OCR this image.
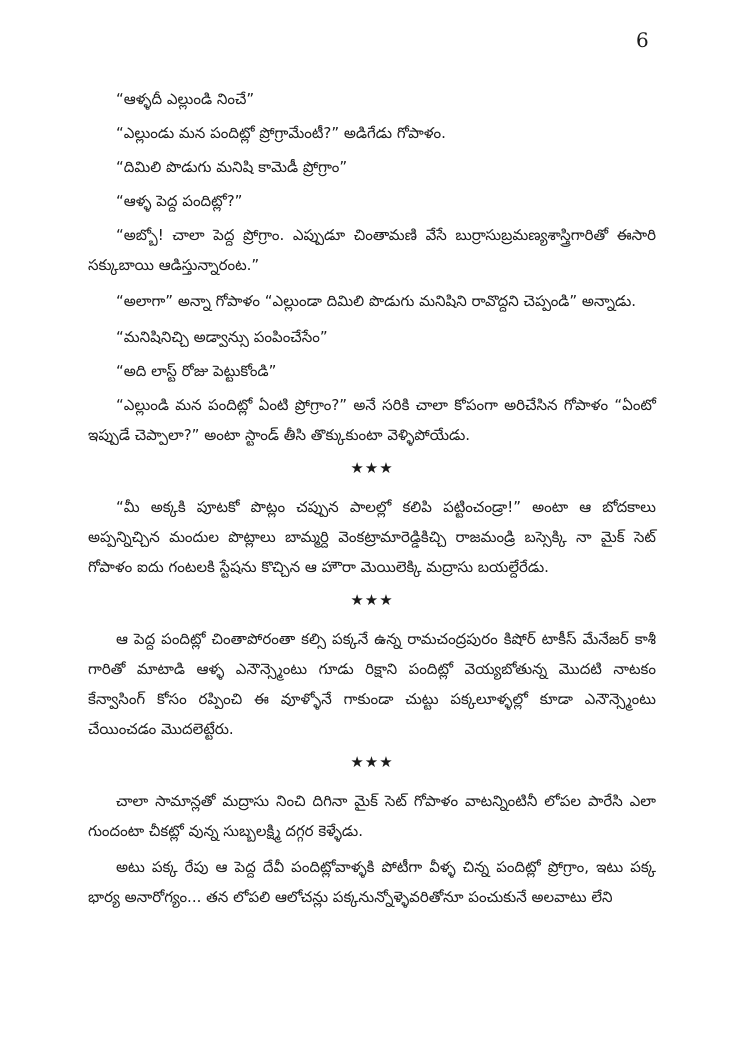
6

“ఆళ్ళదీ ఎల్లుండి నించే”

“ఎల్లుండు మన పందిట్లో ప్రోగ్రామేంటీ?” అడిగేడు గోపాళం.

“దిమిలి పొడుగు మనిషి కామెడీ ప్రోగ్రాం”

“ఆళ్ళ పెద్ద పందిట్లో?”

“అబ్బో! చాలా పెద్ద ప్రోగ్రాం. ఎప్పుడూ చింతామణి వేసే బుర్రాసుబ్రమణ్యశాస్త్రిగారితో ఈసారి సక్కుబాయి ఆడిస్తున్నారంట.”

“అలాగా” అన్నా గోపాళం “ఎల్లుండా దిమిలి పొడుగు మనిషిని రావొద్దని చెప్పండి” అన్నాడు.

“మనిషినిచ్చి అడ్వాన్సు పంపించేసేం”

“అది లాస్ట్ రోజు పెట్టుకోండి”

“ఎల్లుండి మన పందిట్లో ఏంటి ప్రోగ్రాం?” అనే సరికి చాలా కోపంగా అరిచేసిన గోపాళం “ఏంటో ఇప్పుడే చెప్పాలా?” అంటా స్టాండ్ తీసి తొక్కుకుంటా వెళ్ళిపోయేడు.

★★★

“మీ అక్కకి పూటకో పొట్లం చప్పున పాలల్లో కలిపి పట్టించండ్రా!” అంటా ఆ బోదకాలు అప్పన్నిచ్చిన మందుల పొట్లాలు బామ్మర్ది వెంకట్రామారెడ్డికిచ్చి రాజమండ్రి బస్సెక్కి నా మైక్ సెట్ గోపాళం ఐదు గంటలకి స్టేషను కొచ్చిన ఆ హౌరా మెయిలెక్కి మద్రాసు బయల్దేరేడు.

★★★

ఆ పెద్ద పందిట్లో చింతాపోరంతా కల్సి పక్కనే ఉన్న రామచంద్రపురం కిషోర్ టాకీస్ మేనేజర్ కాశీ గారితో మాటాడి ఆళ్ళ ఎనౌన్స్మెంటు గూడు రిక్షాని పందిట్లో వెయ్యబోతున్న మొదటి నాటకం కేన్వాసింగ్ కోసం రప్పించి ఈ వూళ్ళోనే గాకుండా చుట్టు పక్కలూళ్ళల్లో కూడా ఎనౌన్స్మెంటు చేయించడం మొదలెట్టేరు.

★★★

చాలా సామాన్లతో మద్రాసు నించి దిగినా మైక్ సెట్ గోపాళం వాటన్నింటినీ లోపల పారేసి ఎలా గుందంటా చీకట్లో వున్న సుబ్బలక్ష్మి దగ్గర కెళ్ళేడు.

అటు పక్క రేపు ఆ పెద్ద దేవీ పందిట్లోవాళ్ళకి పోటీగా వీళ్ళ చిన్న పందిట్లో ప్రోగ్రాం, ఇటు పక్క భార్య అనారోగ్యం... తన లోపలి ఆలోచన్లు పక్కనున్నోళ్ళెవరితోనూ పంచుకునే అలవాటు లేని
